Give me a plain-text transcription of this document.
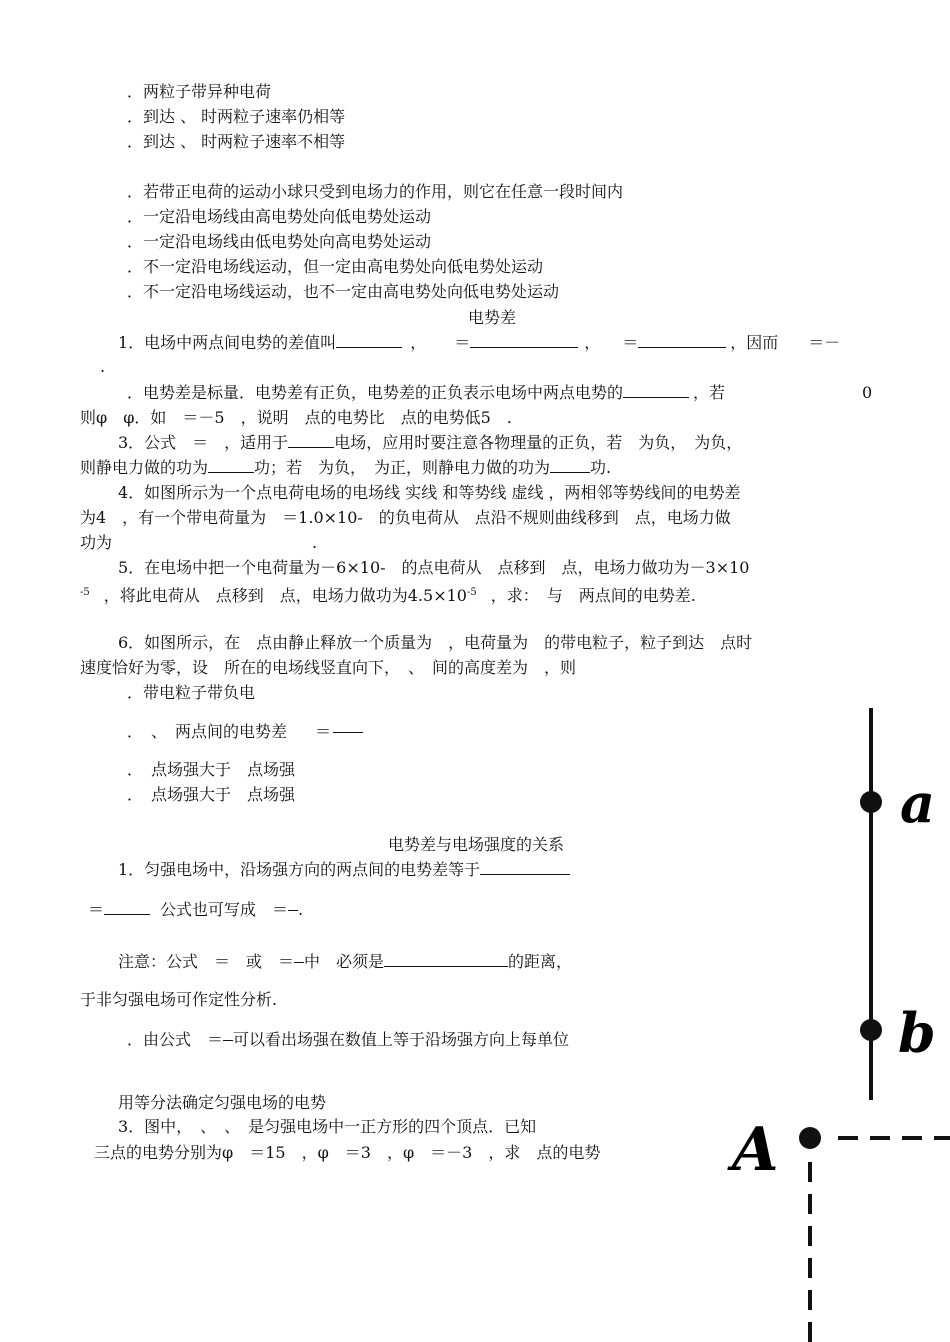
．两粒子带异种电荷
．到达 、 时两粒子速率仍相等
．到达 、 时两粒子速率不相等
．若带正电荷的运动小球只受到电场力的作用，则它在任意一段时间内
．一定沿电场线由高电势处向低电势处运动
．一定沿电场线由低电势处向高电势处运动
．不一定沿电场线运动，但一定由高电势处向低电势处运动
．不一定沿电场线运动，也不一定由高电势处向低电势处运动
电势差
1．电场中两点间电势的差值叫	， ＝	， ＝	，因而 ＝－
.
．电势差是标量．电势差有正负，电势差的正负表示电场中两点电势的	，若	0
则φ　φ．如　＝－5　，说明　点的电势比　点的电势低5　.
3．公式　＝　，适用于	电场，应用时要注意各物理量的正负，若　为负，　为负，
则静电力做的功为	功；若　为负，　为正，则静电力做的功为	功.
4．如图所示为一个点电荷电场的电场线 实线 和等势线 虚线 ，两相邻等势线间的电势差
为4　，有一个带电荷量为　＝1.0×10-　的负电荷从　点沿不规则曲线移到　点，电场力做
功为	.
5．在电场中把一个电荷量为－6×10-　的点电荷从　点移到　点，电场力做功为－3×10
$^{-5}$ ，将此电荷从　点移到　点，电场力做功为$4.5\times 10^{-5}$ ，求：　与　两点间的电势差.
6．如图所示，在　点由静止释放一个质量为　，电荷量为　的带电粒子，粒子到达　点时
速度恰好为零，设　所在的电场线竖直向下，　、　间的高度差为　，则
．带电粒子带负电
．　、　两点间的电势差 ＝
．　点场强大于　点场强
．　点场强大于　点场强
电势差与电场强度的关系
1．匀强电场中，沿场强方向的两点间的电势差等于
＝	公式也可写成　＝ .
注意：公式　＝　或　＝ 中　必须是	的距离，
于非匀强电场可作定性分析.
．由公式　＝ 可以看出场强在数值上等于沿场强方向上每单位
用等分法确定匀强电场的电势
3．图中，　、　、　是匀强电场中一正方形的四个顶点．已知
三点的电势分别为φ　＝15　，φ　＝3　，φ　＝－3　，求　点的电势
a
b
A
